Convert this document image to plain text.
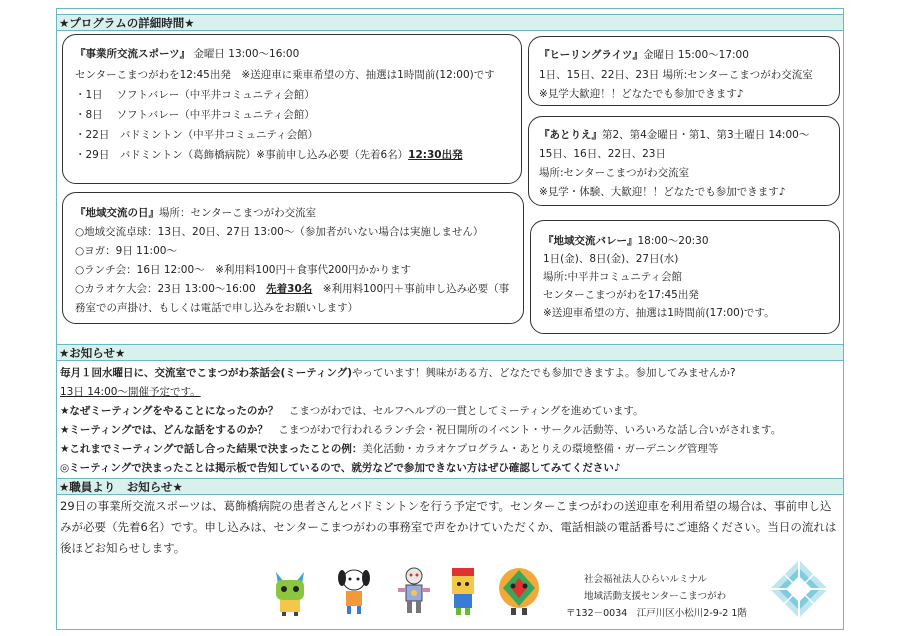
★プログラムの詳細時間★
『事業所交流スポーツ』 金曜日 13:00～16:00
センターこまつがわを12:45出発　※送迎車に乗車希望の方、抽選は1時間前(12:00)です
・1日　 ソフトバレー（中平井コミュニティ会館）
・8日　 ソフトバレー（中平井コミュニティ会館）
・22日　バドミントン（中平井コミュニティ会館）
・29日　バドミントン（葛飾橋病院）※事前申し込み必要（先着6名）12:30出発
『地域交流の日』場所：センターこまつがわ交流室
○地域交流卓球：13日、20日、27日 13:00～（参加者がいない場合は実施しません）
○ヨガ：9日 11:00～
○ランチ会：16日 12:00～　※利用料100円＋食事代200円かかります
○カラオケ大会：23日 13:00～16:00　先着30名　※利用料100円＋事前申し込み必要（事
務室での声掛け、もしくは電話で申し込みをお願いします）
『ヒーリングライツ』金曜日 15:00～17:00
1日、15日、22日、23日 場所:センターこまつがわ交流室
※見学大歓迎！！どなたでも参加できます♪
『あとりえ』第2、第4金曜日・第1、第3土曜日 14:00～
15日、16日、22日、23日
場所:センターこまつがわ交流室
※見学・体験、大歓迎！！どなたでも参加できます♪
『地域交流バレー』18:00～20:30
1日(金)、8日(金)、27日(水)
場所:中平井コミュニティ会館
センターこまつがわを17:45出発
※送迎車希望の方、抽選は1時間前(17:00)です。
★お知らせ★
毎月１回水曜日に、交流室でこまつがわ茶話会(ミーティング)やっています！興味がある方、どなたでも参加できますよ。参加してみませんか?
13日 14:00～開催予定です。
★なぜミーティングをやることになったのか？　こまつがわでは、セルフヘルプの一貫としてミーティングを進めています。
★ミーティングでは、どんな話をするのか？　こまつがわで行われるランチ会・祝日開所のイベント・サークル活動等、いろいろな話し合いがされます。
★これまでミーティングで話し合った結果で決まったことの例：美化活動・カラオケプログラム・あとりえの環境整備・ガーデニング管理等
◎ミーティングで決まったことは掲示板で告知しているので、就労などで参加できない方はぜひ確認してみてください♪
★職員より　お知らせ★
29日の事業所交流スポーツは、葛飾橋病院の患者さんとバドミントンを行う予定です。センターこまつがわの送迎車を利用希望の場合は、事前申し込みが必要（先着6名）です。申し込みは、センターこまつがわの事務室で声をかけていただくか、電話相談の電話番号にご連絡ください。当日の流れは後ほどお知らせします。
社会福祉法人ひらいルミナル
地域活動支援センターこまつがわ
〒132－0034　江戸川区小松川2-9-2 1階
